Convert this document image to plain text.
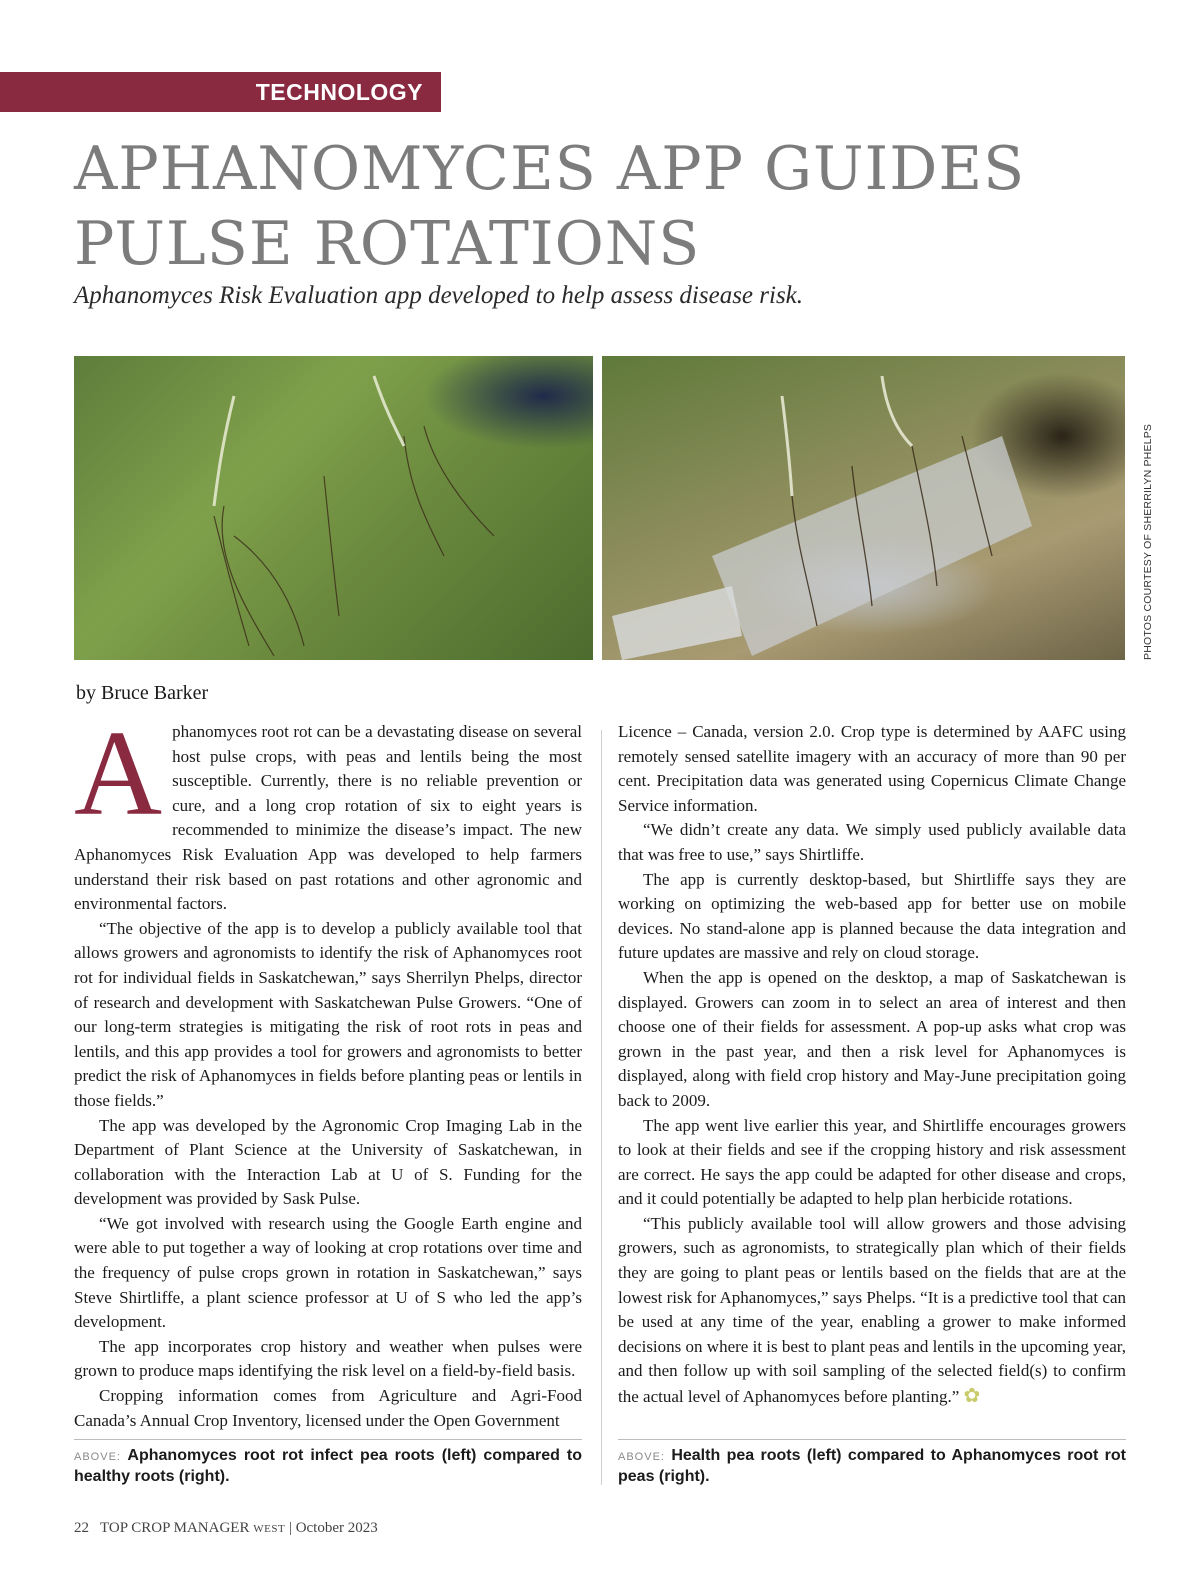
TECHNOLOGY
APHANOMYCES APP GUIDES PULSE ROTATIONS

Aphanomyces Risk Evaluation app developed to help assess disease risk.

PHOTOS COURTESY OF SHERRILYN PHELPS

by Bruce Barker

Aphanomyces root rot can be a devastating disease on several host pulse crops, with peas and lentils being the most susceptible. Currently, there is no reliable prevention or cure, and a long crop rotation of six to eight years is recommended to minimize the disease’s impact. The new Aphanomyces Risk Evaluation App was developed to help farmers understand their risk based on past rotations and other agronomic and environmental factors.

“The objective of the app is to develop a publicly available tool that allows growers and agronomists to identify the risk of Aphanomyces root rot for individual fields in Saskatchewan,” says Sherrilyn Phelps, director of research and development with Saskatchewan Pulse Growers. “One of our long-term strategies is mitigating the risk of root rots in peas and lentils, and this app provides a tool for growers and agronomists to better predict the risk of Aphanomyces in fields before planting peas or lentils in those fields.”

The app was developed by the Agronomic Crop Imaging Lab in the Department of Plant Science at the University of Saskatchewan, in collaboration with the Interaction Lab at U of S. Funding for the development was provided by Sask Pulse.

“We got involved with research using the Google Earth engine and were able to put together a way of looking at crop rotations over time and the frequency of pulse crops grown in rotation in Saskatchewan,” says Steve Shirtliffe, a plant science professor at U of S who led the app’s development.

The app incorporates crop history and weather when pulses were grown to produce maps identifying the risk level on a field-by-field basis.

Cropping information comes from Agriculture and Agri-Food Canada’s Annual Crop Inventory, licensed under the Open Government

Licence – Canada, version 2.0. Crop type is determined by AAFC using remotely sensed satellite imagery with an accuracy of more than 90 per cent. Precipitation data was generated using Copernicus Climate Change Service information.

“We didn’t create any data. We simply used publicly available data that was free to use,” says Shirtliffe.

The app is currently desktop-based, but Shirtliffe says they are working on optimizing the web-based app for better use on mobile devices. No stand-alone app is planned because the data integration and future updates are massive and rely on cloud storage.

When the app is opened on the desktop, a map of Saskatchewan is displayed. Growers can zoom in to select an area of interest and then choose one of their fields for assessment. A pop-up asks what crop was grown in the past year, and then a risk level for Aphanomyces is displayed, along with field crop history and May-June precipitation going back to 2009.

The app went live earlier this year, and Shirtliffe encourages growers to look at their fields and see if the cropping history and risk assessment are correct. He says the app could be adapted for other disease and crops, and it could potentially be adapted to help plan herbicide rotations.

“This publicly available tool will allow growers and those advising growers, such as agronomists, to strategically plan which of their fields they are going to plant peas or lentils based on the fields that are at the lowest risk for Aphanomyces,” says Phelps. “It is a predictive tool that can be used at any time of the year, enabling a grower to make informed decisions on where it is best to plant peas and lentils in the upcoming year, and then follow up with soil sampling of the selected field(s) to confirm the actual level of Aphanomyces before planting.” ✿

ABOVE: Aphanomyces root rot infect pea roots (left) compared to healthy roots (right).

ABOVE: Health pea roots (left) compared to Aphanomyces root rot peas (right).

22 TOP CROP MANAGER WEST | October 2023
